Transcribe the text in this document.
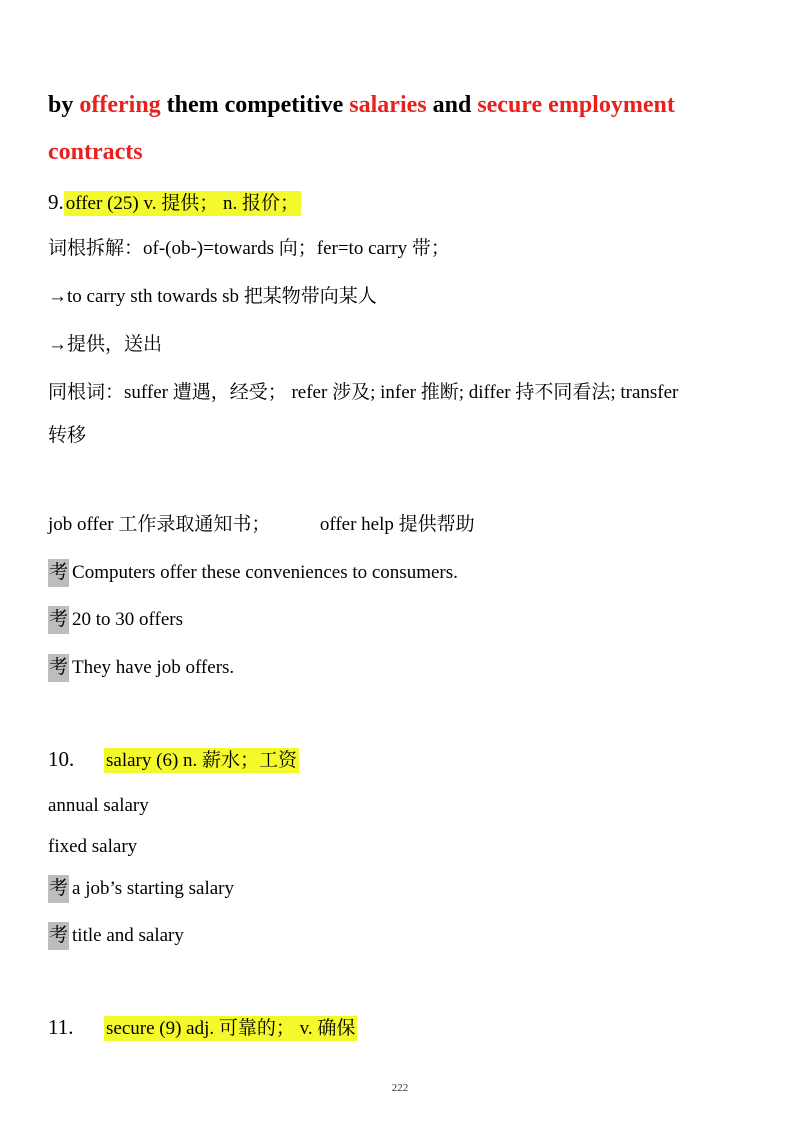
by offering them competitive salaries and secure employment
contracts
9. offer (25) v. 提供； n. 报价；
词根拆解：of-(ob-)=towards 向；fer=to carry 带；
→to carry sth towards sb 把某物带向某人
→提供，送出
同根词：suffer 遭遇，经受； refer 涉及; infer 推断; differ 持不同看法; transfer
转移
job offer 工作录取通知书；	offer help 提供帮助
考 Computers offer these conveniences to consumers.
考 20 to 30 offers
考 They have job offers.
10. salary (6) n. 薪水；工资
annual salary
fixed salary
考 a job’s starting salary
考 title and salary
11. secure (9) adj. 可靠的； v. 确保
222
